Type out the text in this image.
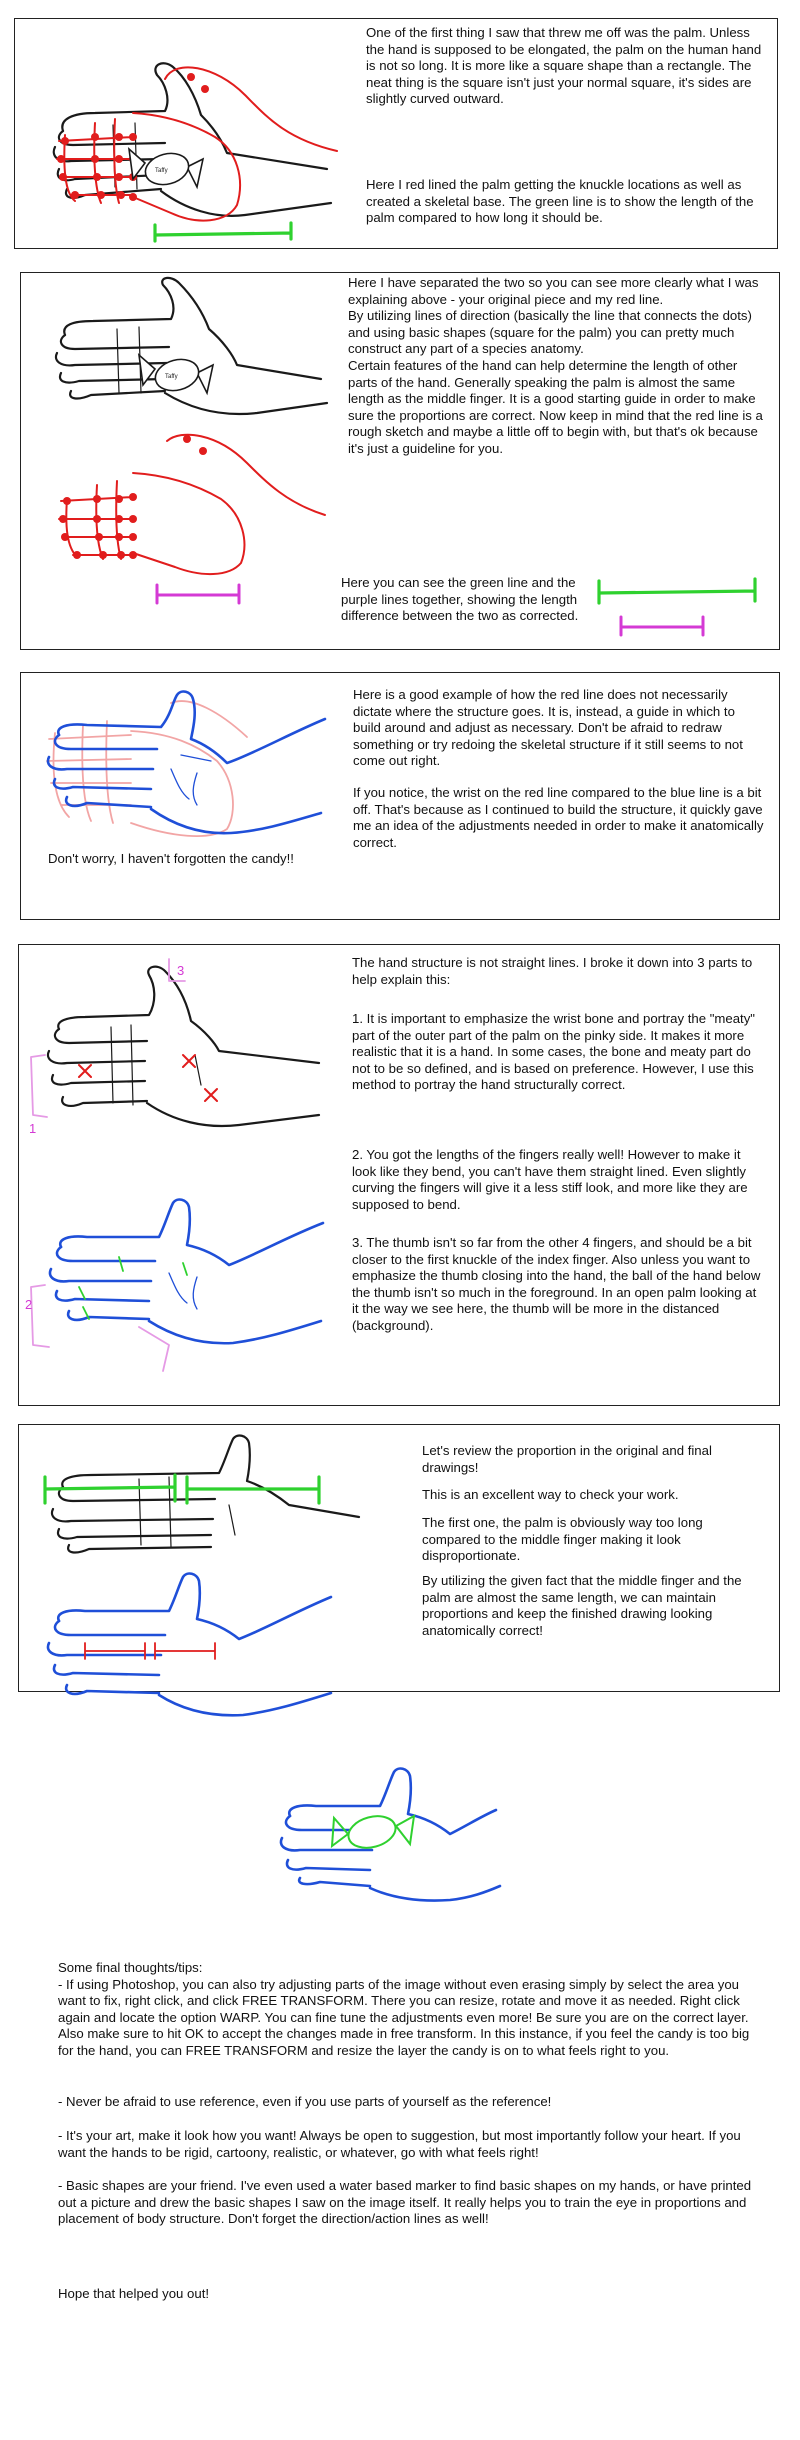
Taffy

One of the first thing I saw that threw me off was the palm. Unless the hand is supposed to be elongated, the palm on the human hand is not so long. It is more like a square shape than a rectangle. The neat thing is the square isn't just your normal square, it's sides are slightly curved outward.

Here I red lined the palm getting the knuckle locations as well as created a skeletal base. The green line is to show the length of the palm compared to how long it should be.

Taffy

Here I have separated the two so you can see more clearly what I was explaining above - your original piece and my red line.
By utilizing lines of direction (basically the line that connects the dots) and using basic shapes (square for the palm) you can pretty much construct any part of a species anatomy.
Certain features of the hand can help determine the length of other parts of the hand. Generally speaking the palm is almost the same length as the middle finger. It is a good starting guide in order to make sure the proportions are correct. Now keep in mind that the red line is a rough sketch and maybe a little off to begin with, but that's ok because it's just a guideline for you.

Here you can see the green line and the purple lines together, showing the length difference between the two as corrected.

Don't worry, I haven't forgotten the candy!!

Here is a good example of how the red line does not necessarily dictate where the structure goes. It is, instead, a guide in which to build around and adjust as necessary. Don't be afraid to redraw something or try redoing the skeletal structure if it still seems to not come out right.

If you notice, the wrist on the red line compared to the blue line is a bit off. That's because as I continued to build the structure, it quickly gave me an idea of the adjustments needed in order to make it anatomically correct.

1
3
2

The hand structure is not straight lines. I broke it down into 3 parts to help explain this:

1. It is important to emphasize the wrist bone and portray the "meaty" part of the outer part of the palm on the pinky side. It makes it more realistic that it is a hand. In some cases, the bone and meaty part do not to be so defined, and is based on preference. However, I use this method to portray the hand structurally correct.

2. You got the lengths of the fingers really well! However to make it look like they bend, you can't have them straight lined. Even slightly curving the fingers will give it a less stiff look, and more like they are supposed to bend.

3. The thumb isn't so far from the other 4 fingers, and should be a bit closer to the first knuckle of the index finger. Also unless you want to emphasize the thumb closing into the hand, the ball of the hand below the thumb isn't so much in the foreground. In an open palm looking at it the way we see here, the thumb will be more in the distanced (background).

Let's review the proportion in the original and final drawings!

This is an excellent way to check your work.

The first one, the palm is obviously way too long compared to the middle finger making it look disproportionate.

By utilizing the given fact that the middle finger and the palm are almost the same length, we can maintain proportions and keep the finished drawing looking anatomically correct!

Some final thoughts/tips:
- If using Photoshop, you can also try adjusting parts of the image without even erasing simply by select the area you want to fix, right click, and click FREE TRANSFORM. There you can resize, rotate and move it as needed. Right click again and locate the option WARP. You can fine tune the adjustments even more! Be sure you are on the correct layer. Also make sure to hit OK to accept the changes made in free transform. In this instance, if you feel the candy is too big for the hand, you can FREE TRANSFORM and resize the layer the candy is on to what feels right to you.

- Never be afraid to use reference, even if you use parts of yourself as the reference!

- It's your art, make it look how you want! Always be open to suggestion, but most importantly follow your heart. If you want the hands to be rigid, cartoony, realistic, or whatever, go with what feels right!

- Basic shapes are your friend. I've even used a water based marker to find basic shapes on my hands, or have printed out a picture and drew the basic shapes I saw on the image itself. It really helps you to train the eye in proportions and placement of body structure. Don't forget the direction/action lines as well!

Hope that helped you out!
